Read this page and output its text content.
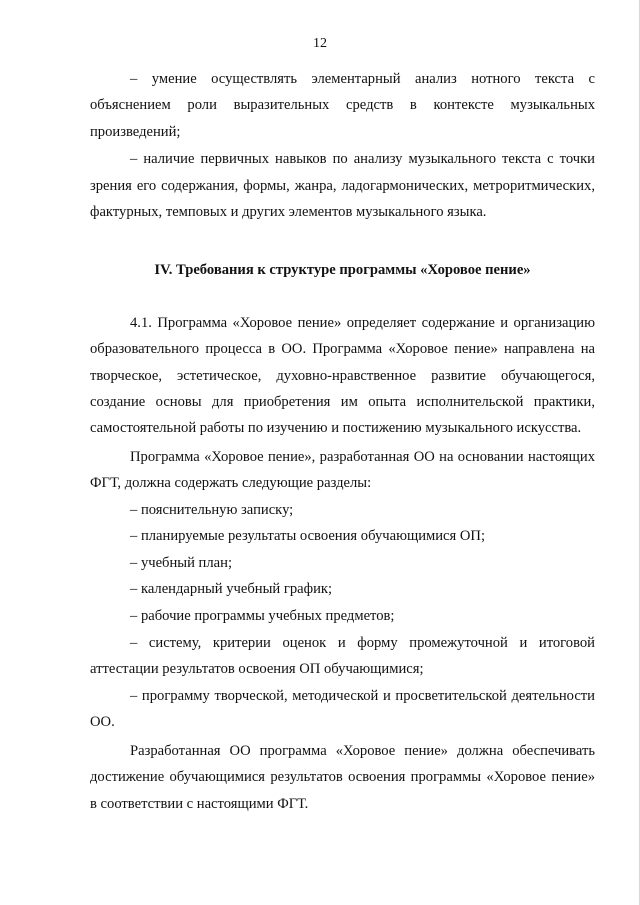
12

– умение осуществлять элементарный анализ нотного текста с объяснением роли выразительных средств в контексте музыкальных произведений;

– наличие первичных навыков по анализу музыкального текста с точки зрения его содержания, формы, жанра, ладогармонических, метроритмических, фактурных, темповых и других элементов музыкального языка.

IV. Требования к структуре программы «Хоровое пение»

4.1. Программа «Хоровое пение» определяет содержание и организацию образовательного процесса в ОО. Программа «Хоровое пение» направлена на творческое, эстетическое, духовно-нравственное развитие обучающегося, создание основы для приобретения им опыта исполнительской практики, самостоятельной работы по изучению и постижению музыкального искусства.

Программа «Хоровое пение», разработанная ОО на основании настоящих ФГТ, должна содержать следующие разделы:

– пояснительную записку;

– планируемые результаты освоения обучающимися ОП;

– учебный план;

– календарный учебный график;

– рабочие программы учебных предметов;

– систему, критерии оценок и форму промежуточной и итоговой аттестации результатов освоения ОП обучающимися;

– программу творческой, методической и просветительской деятельности ОО.

Разработанная ОО программа «Хоровое пение» должна обеспечивать достижение обучающимися результатов освоения программы «Хоровое пение» в соответствии с настоящими ФГТ.
